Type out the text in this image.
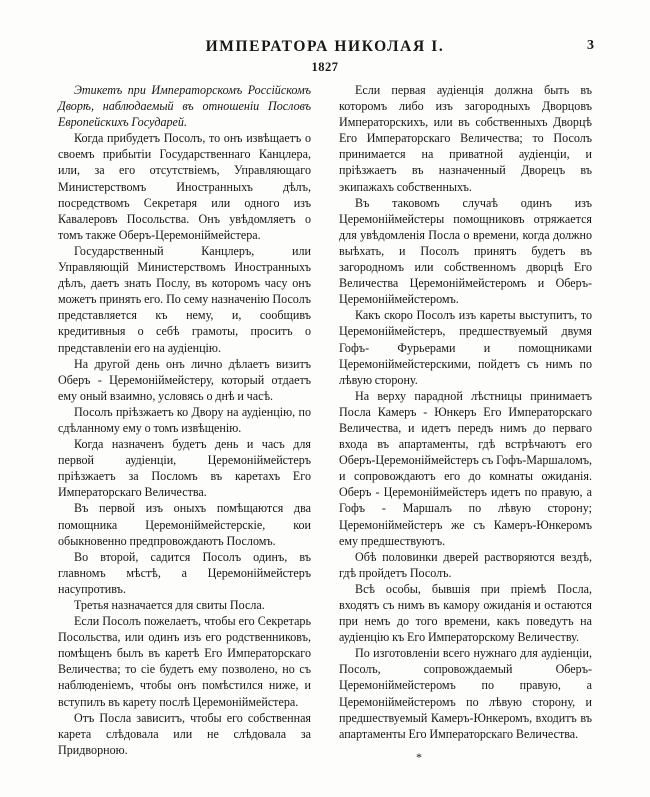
ИМПЕРАТОРА НИКОЛАЯ I.	3
1827

Этикетъ при Императорскомъ Россійскомъ Дворѣ, наблюдаемый въ отношеніи Пословъ Европейскихъ Государей.

Когда прибудетъ Посолъ, то онъ извѣщаетъ о своемъ прибытіи Государственнаго Канцлера, или, за его отсутствіемъ, Управляющаго Министерствомъ Иностранныхъ дѣлъ, посредствомъ Секретаря или одного изъ Кавалеровъ Посольства. Онъ увѣдомляетъ о томъ также Оберъ-Церемоніймейстера.

Государственный Канцлеръ, или Управляющій Министерствомъ Иностранныхъ дѣлъ, даетъ знать Послу, въ которомъ часу онъ можетъ принять его. По сему назначенію Посолъ представляется къ нему, и, сообщивъ кредитивныя о себѣ грамоты, проситъ о представленіи его на аудіенцію.

На другой день онъ лично дѣлаетъ визитъ Оберъ - Церемоніймейстеру, который отдаетъ ему оный взаимно, условясь о днѣ и часѣ.

Посолъ пріѣзжаетъ ко Двору на аудіенцію, по сдѣланному ему о томъ извѣщенію.

Когда назначенъ будетъ день и часъ для первой аудіенціи, Церемоніймейстеръ пріѣзжаетъ за Посломъ въ каретахъ Его Императорскаго Величества.

Въ первой изъ оныхъ помѣщаются два помощника Церемоніймейстерскіе, кои обыкновенно предпровождаютъ Посломъ.

Во второй, садится Посолъ одинъ, въ главномъ мѣстѣ, а Церемоніймейстеръ насупротивъ.

Третья назначается для свиты Посла.

Если Посолъ пожелаетъ, чтобы его Секретарь Посольства, или одинъ изъ его родственниковъ, помѣщенъ былъ въ каретѣ Его Императорскаго Величества; то сіе будетъ ему позволено, но съ наблюденіемъ, чтобы онъ помѣстился ниже, и вступилъ въ карету послѣ Церемоніймейстера.

Отъ Посла зависитъ, чтобы его собственная карета слѣдовала или не слѣдовала за Придворною.

Если первая аудіенція должна быть въ которомъ либо изъ загородныхъ Дворцовъ Императорскихъ, или въ собственныхъ Дворцѣ Его Императорскаго Величества; то Посолъ принимается на приватной аудіенціи, и пріѣзжаетъ въ назначенный Дворецъ въ экипажахъ собственныхъ.

Въ таковомъ случаѣ одинъ изъ Церемоніймейстеры помощниковъ отряжается для увѣдомленія Посла о времени, когда должно выѣхать, и Посолъ принятъ будетъ въ загородномъ или собственномъ дворцѣ Его Величества Церемоніймейстеромъ и Оберъ-Церемоніймейстеромъ.

Какъ скоро Посолъ изъ кареты выступитъ, то Церемоніймейстеръ, предшествуемый двумя Гофъ- Фурьерами и помощниками Церемоніймейстерскими, пойдетъ съ нимъ по лѣвую сторону.

На верху парадной лѣстницы принимаетъ Посла Камеръ - Юнкеръ Его Императорскаго Величества, и идетъ передъ нимъ до перваго входа въ апартаменты, гдѣ встрѣчаютъ его Оберъ-Церемоніймейстеръ съ Гофъ-Маршаломъ, и сопровождаютъ его до комнаты ожиданія. Оберъ - Церемоніймейстеръ идетъ по правую, а Гофъ - Маршалъ по лѣвую сторону; Церемоніймейстеръ же съ Камеръ-Юнкеромъ ему предшествуютъ.

Обѣ половинки дверей растворяются вездѣ, гдѣ пройдетъ Посолъ.

Всѣ особы, бывшія при пріемѣ Посла, входятъ съ нимъ въ камору ожиданія и остаются при немъ до того времени, какъ поведутъ на аудіенцію къ Его Императорскому Величеству.

По изготовленіи всего нужнаго для аудіенціи, Посолъ, сопровождаемый Оберъ-Церемоніймейстеромъ по правую, а Церемоніймейстеромъ по лѣвую сторону, и предшествуемый Камеръ-Юнкеромъ, входитъ въ апартаменты Его Императорскаго Величества.

*
